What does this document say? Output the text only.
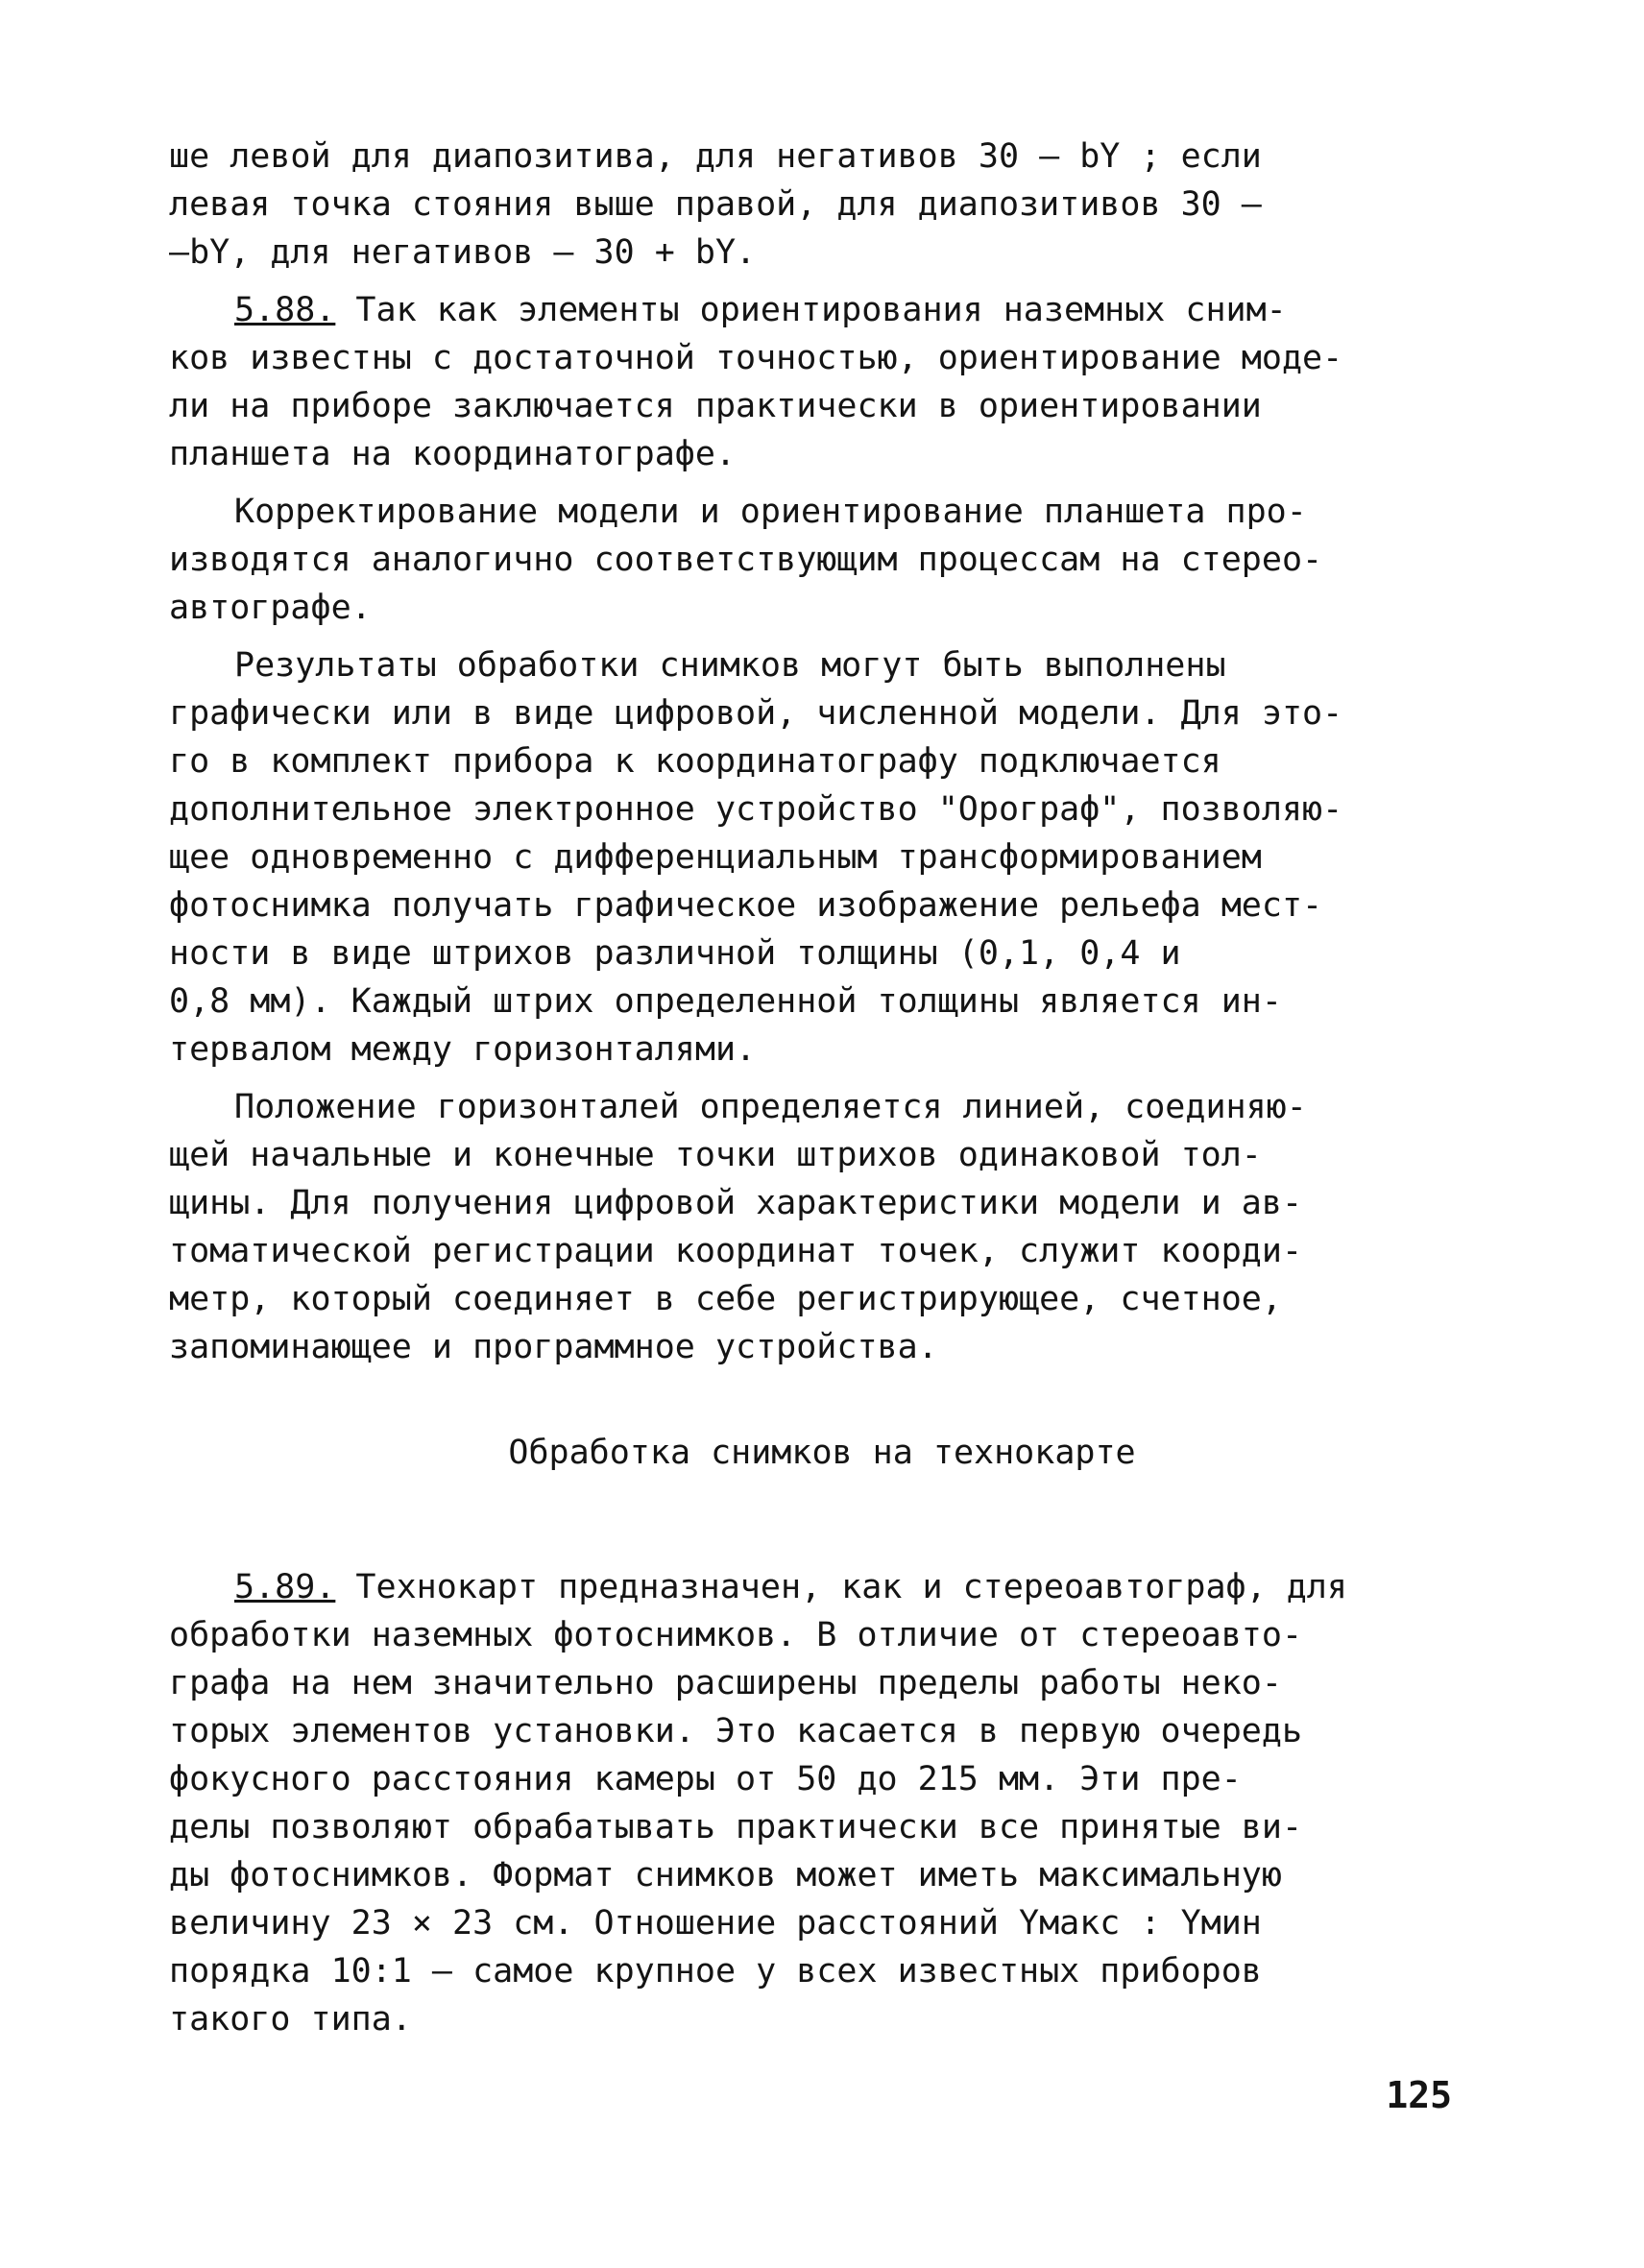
ше левой для диапозитива, для негативов 30 – bY ; если
левая точка стояния выше правой, для диапозитивов 30 –
–bY, для негативов – 30 + bY.

5.88. Так как элементы ориентирования наземных сним-
ков известны с достаточной точностью, ориентирование моде-
ли на приборе заключается практически в ориентировании
планшета на координатографе.

Корректирование модели и ориентирование планшета про-
изводятся аналогично соответствующим процессам на стерео-
автографе.

Результаты обработки снимков могут быть выполнены
графически или в виде цифровой, численной модели. Для это-
го в комплект прибора к координатографу подключается
дополнительное электронное устройство "Орограф", позволяю-
щее одновременно с дифференциальным трансформированием
фотоснимка получать графическое изображение рельефа мест-
ности в виде штрихов различной толщины (0,1, 0,4 и
0,8 мм). Каждый штрих определенной толщины является ин-
тервалом между горизонталями.

Положение горизонталей определяется линией, соединяю-
щей начальные и конечные точки штрихов одинаковой тол-
щины. Для получения цифровой характеристики модели и ав-
томатической регистрации координат точек, служит коорди-
метр, который соединяет в себе регистрирующее, счетное,
запоминающее и программное устройства.

Обработка снимков на технокарте

5.89. Технокарт предназначен, как и стереоавтограф, для
обработки наземных фотоснимков. В отличие от стереоавто-
графа на нем значительно расширены пределы работы неко-
торых элементов установки. Это касается в первую очередь
фокусного расстояния камеры от 50 до 215 мм. Эти пре-
делы позволяют обрабатывать практически все принятые ви-
ды фотоснимков. Формат снимков может иметь максимальную
величину 23 × 23 см. Отношение расстояний Yмакс : Yмин
порядка 10:1 – самое крупное у всех известных приборов
такого типа.

125
